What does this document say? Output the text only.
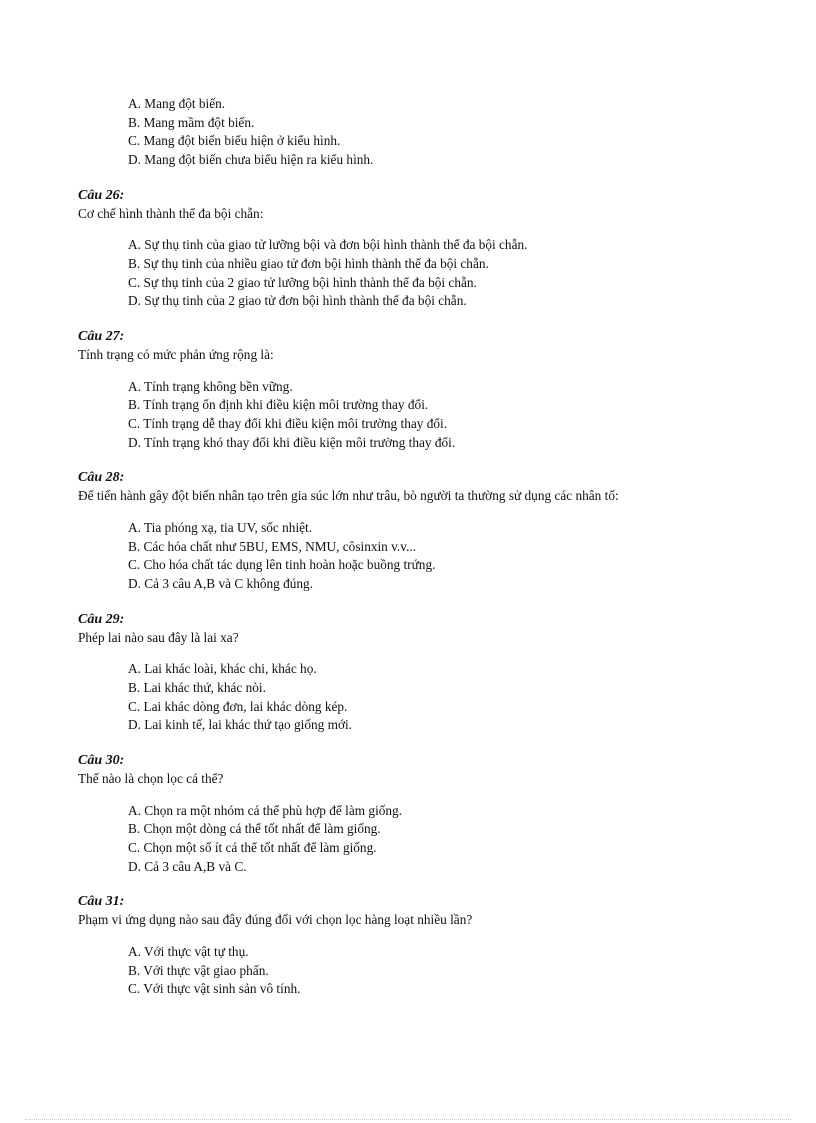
A. Mang đột biến.
B. Mang mầm đột biến.
C. Mang đột biến biểu hiện ở kiểu hình.
D. Mang đột biến chưa biểu hiện ra kiểu hình.
Câu 26:
Cơ chế hình thành thể đa bội chẵn:
A. Sự thụ tinh của giao tử lưỡng bội và đơn bội hình thành thể đa bội chẵn.
B. Sự thụ tinh của nhiều giao tử đơn bội hình thành thể đa bội chẵn.
C. Sự thụ tinh của 2 giao tử lưỡng bội hình thành thể đa bội chẵn.
D. Sự thụ tinh của 2 giao tử đơn bội hình thành thể đa bội chẵn.
Câu 27:
Tính trạng có mức phản ứng rộng là:
A. Tính trạng không bền vững.
B. Tính trạng ổn định khi điều kiện môi trường thay đổi.
C. Tính trạng dễ thay đổi khi điều kiện môi trường thay đổi.
D. Tính trạng khó thay đổi khi điều kiện môi trường thay đổi.
Câu 28:
Để tiến hành gây đột biến nhân tạo trên gia súc lớn như trâu, bò người ta thường sử dụng các nhân tố:
A. Tia phóng xạ, tia UV, sốc nhiệt.
B. Các hóa chất như 5BU, EMS, NMU, côsinxin v.v...
C. Cho hóa chất tác dụng lên tinh hoàn hoặc buồng trứng.
D. Cả 3 câu A,B và C không đúng.
Câu 29:
Phép lai nào sau đây là lai xa?
A. Lai khác loài, khác chi, khác họ.
B. Lai khác thứ, khác nòi.
C. Lai khác dòng đơn, lai khác dòng kép.
D. Lai kinh tế, lai khác thứ tạo giống mới.
Câu 30:
Thế nào là chọn lọc cá thể?
A. Chọn ra một nhóm cá thể phù hợp để làm giống.
B. Chọn một dòng cá thể tốt nhất để làm giống.
C. Chọn một số ít cá thể tốt nhất để làm giống.
D. Cả 3 câu A,B và C.
Câu 31:
Phạm vi ứng dụng nào sau đây đúng đối với chọn lọc hàng loạt nhiều lần?
A. Với thực vật tự thụ.
B. Với thực vật giao phấn.
C. Với thực vật sinh sản vô tính.
